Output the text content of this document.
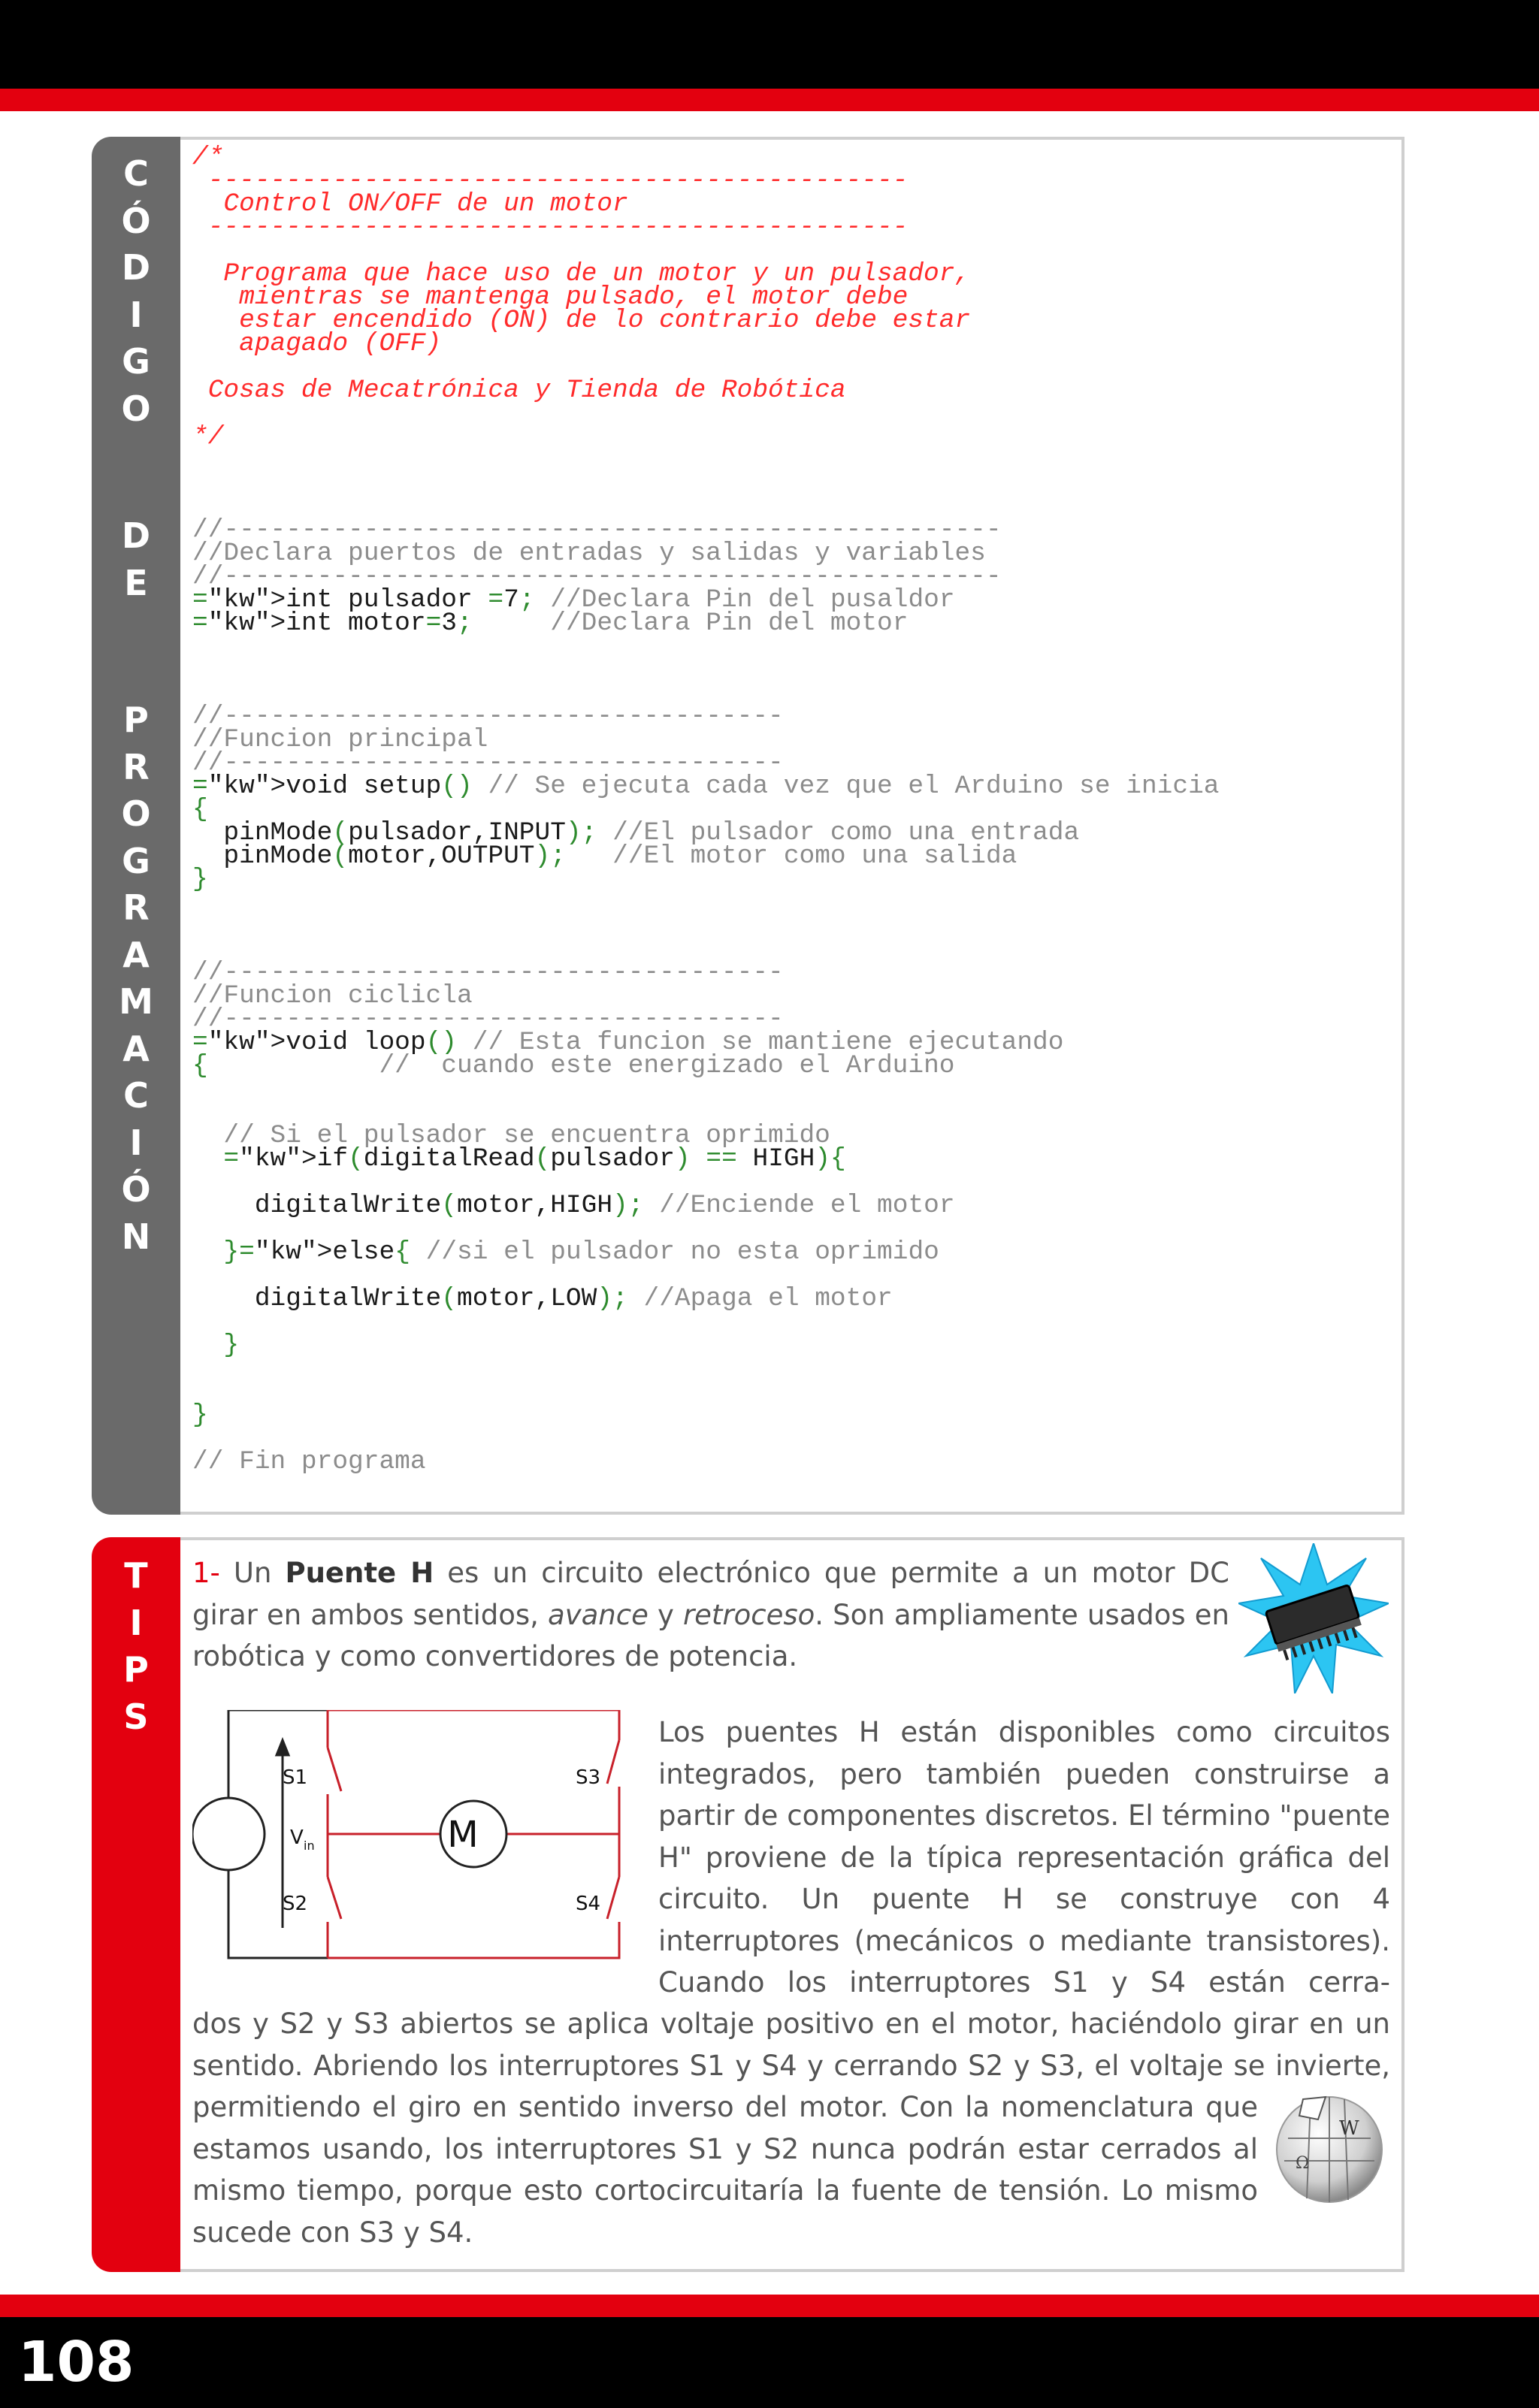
C
Ó
D
I
G
O
D
E
P
R
O
G
R
A
M
A
C
I
Ó
N
/*
---------------------------------------------
Control ON/OFF de un motor
---------------------------------------------

Programa que hace uso de un motor y un pulsador,
mientras se mantenga pulsado, el motor debe
estar encendido (ON) de lo contrario debe estar
apagado (OFF)

Cosas de Mecatrónica y Tienda de Robótica

*/

//--------------------------------------------------
//Declara puertos de entradas y salidas y variables
//--------------------------------------------------
="kw">int pulsador =7; //Declara Pin del pusaldor
="kw">int motor=3;	//Declara Pin del motor

//------------------------------------
//Funcion principal
//------------------------------------
="kw">void setup() // Se ejecuta cada vez que el Arduino se inicia
{
pinMode(pulsador,INPUT); //El pulsador como una entrada
pinMode(motor,OUTPUT); //El motor como una salida
}

//------------------------------------
//Funcion ciclicla
//------------------------------------
="kw">void loop() // Esta funcion se mantiene ejecutando
{	//  cuando este energizado el Arduino

// Si el pulsador se encuentra oprimido
="kw">if(digitalRead(pulsador) == HIGH){

digitalWrite(motor,HIGH); //Enciende el motor

}="kw">else{ //si el pulsador no esta oprimido

digitalWrite(motor,LOW); //Apaga el motor

}

}

// Fin programa

T
I
P
S
1- Un Puente H es un circuito electrónico que permite a un motor DC girar en ambos sentidos, avance y retroceso. Son ampliamente usados en robótica y como convertidores de potencia.
M
V in
S1
S2
S3
S4
Los puentes H están disponibles como circuitos integrados, pero también pueden construirse a partir de componentes discretos. El término "puente H" proviene de la típica representación gráfica del circuito. Un puente H se construye con 4 interruptores (mecánicos o mediante transistores). Cuando los interruptores S1 y S4 están cerra-
dos y S2 y S3 abiertos se aplica voltaje positivo en el motor, haciéndolo girar en un sentido. Abriendo los interruptores S1 y S4 y cerrando S2 y S3, el voltaje se invierte,
permitiendo el giro en sentido inverso del motor. Con la nomenclatura que estamos usando, los interruptores S1 y S2 nunca podrán estar cerrados al mismo tiempo, porque esto cortocircuitaría la fuente de tensión. Lo mismo sucede con S3 y S4.
W
Ω
108
